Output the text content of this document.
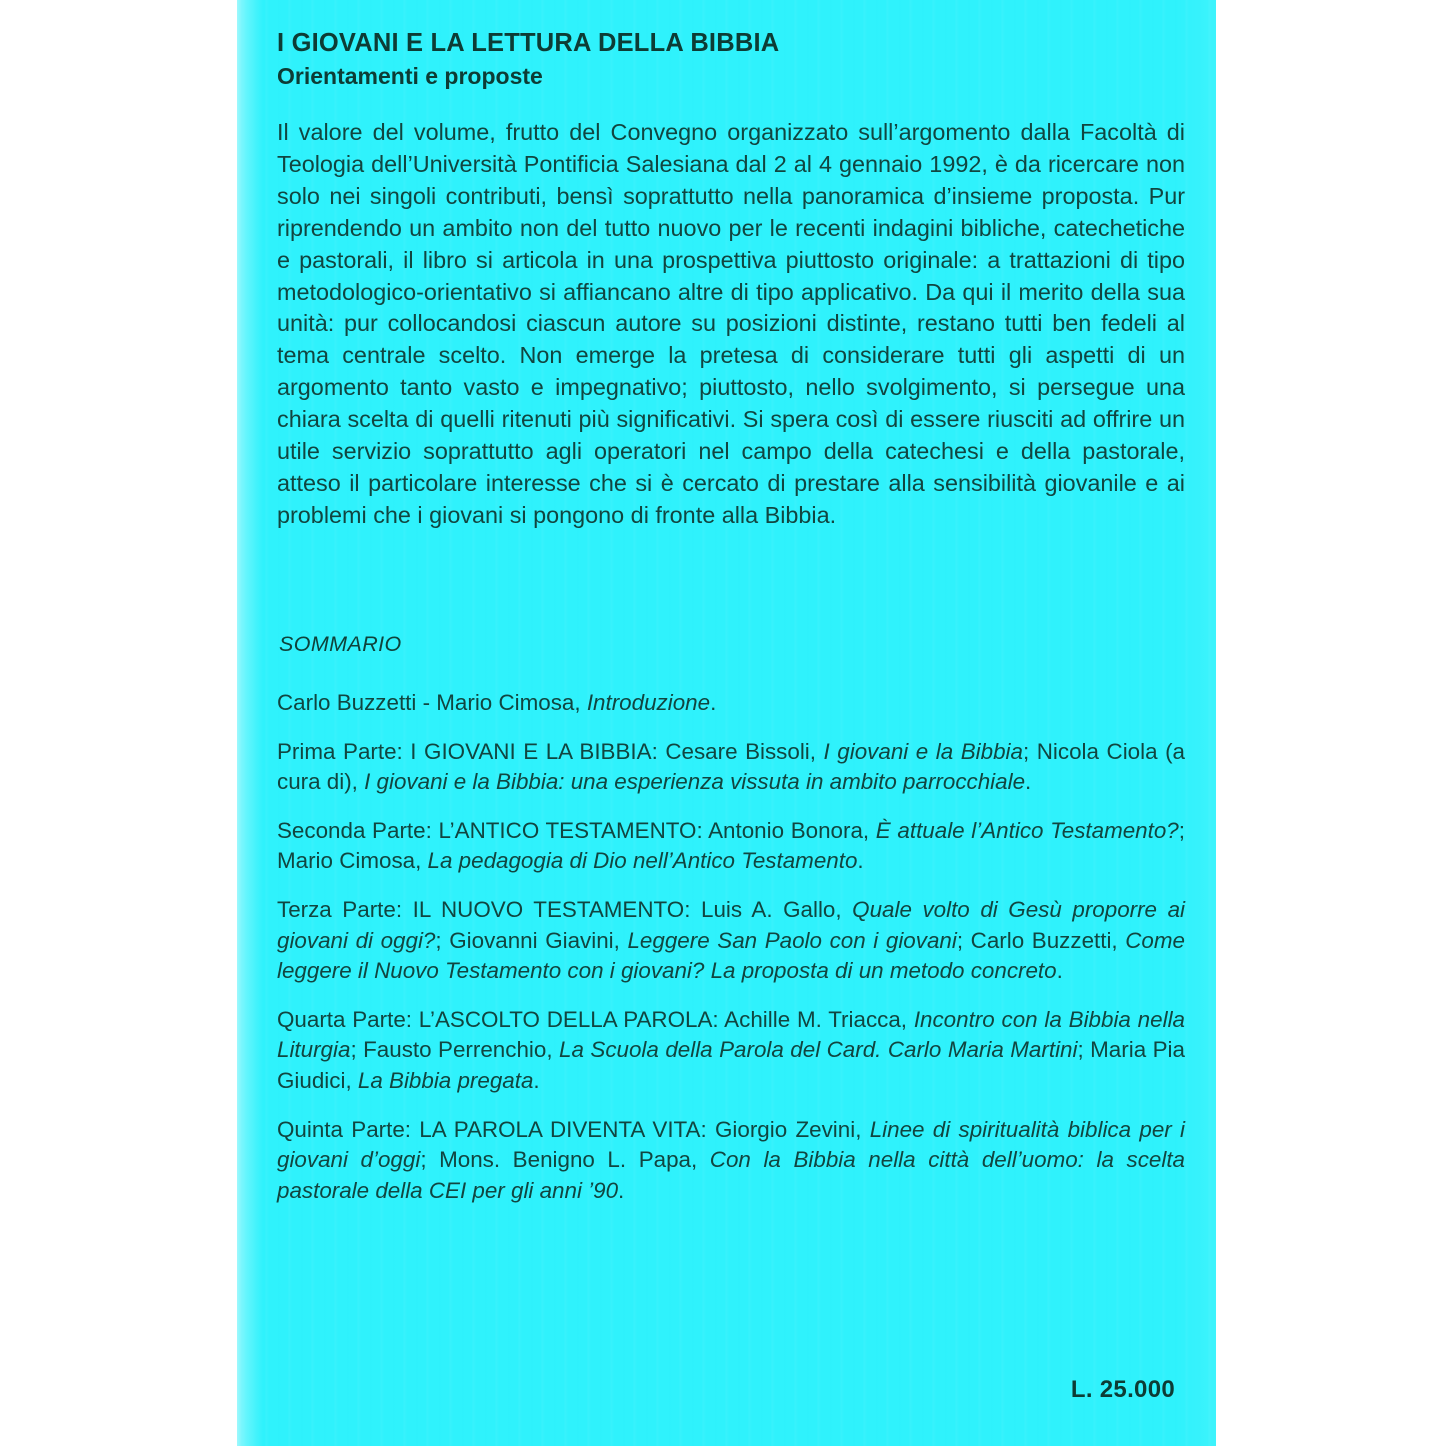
I GIOVANI E LA LETTURA DELLA BIBBIA
Orientamenti e proposte

Il valore del volume, frutto del Convegno organizzato sull’argomento dalla Facoltà di Teologia dell’Università Pontificia Salesiana dal 2 al 4 gennaio 1992, è da ricercare non solo nei singoli contributi, bensì soprattutto nella panoramica d’insieme proposta. Pur riprendendo un ambito non del tutto nuovo per le recenti indagini bibliche, catechetiche e pastorali, il libro si articola in una prospettiva piuttosto originale: a trattazioni di tipo metodologico-orientativo si affiancano altre di tipo applicativo. Da qui il merito della sua unità: pur collocandosi ciascun autore su posizioni distinte, restano tutti ben fedeli al tema centrale scelto. Non emerge la pretesa di considerare tutti gli aspetti di un argomento tanto vasto e impegnativo; piuttosto, nello svolgimento, si persegue una chiara scelta di quelli ritenuti più significativi. Si spera così di essere riusciti ad offrire un utile servizio soprattutto agli operatori nel campo della catechesi e della pastorale, atteso il particolare interesse che si è cercato di prestare alla sensibilità giovanile e ai problemi che i giovani si pongono di fronte alla Bibbia.

SOMMARIO

Carlo Buzzetti - Mario Cimosa, Introduzione.

Prima Parte: I GIOVANI E LA BIBBIA: Cesare Bissoli, I giovani e la Bibbia; Nicola Ciola (a cura di), I giovani e la Bibbia: una esperienza vissuta in ambito parrocchiale.

Seconda Parte: L’ANTICO TESTAMENTO: Antonio Bonora, È attuale l’Antico Testamento?; Mario Cimosa, La pedagogia di Dio nell’Antico Testamento.

Terza Parte: IL NUOVO TESTAMENTO: Luis A. Gallo, Quale volto di Gesù proporre ai giovani di oggi?; Giovanni Giavini, Leggere San Paolo con i giovani; Carlo Buzzetti, Come leggere il Nuovo Testamento con i giovani? La proposta di un metodo concreto.

Quarta Parte: L’ASCOLTO DELLA PAROLA: Achille M. Triacca, Incontro con la Bibbia nella Liturgia; Fausto Perrenchio, La Scuola della Parola del Card. Carlo Maria Martini; Maria Pia Giudici, La Bibbia pregata.

Quinta Parte: LA PAROLA DIVENTA VITA: Giorgio Zevini, Linee di spiritualità biblica per i giovani d’oggi; Mons. Benigno L. Papa, Con la Bibbia nella città dell’uomo: la scelta pastorale della CEI per gli anni ’90.

L. 25.000
